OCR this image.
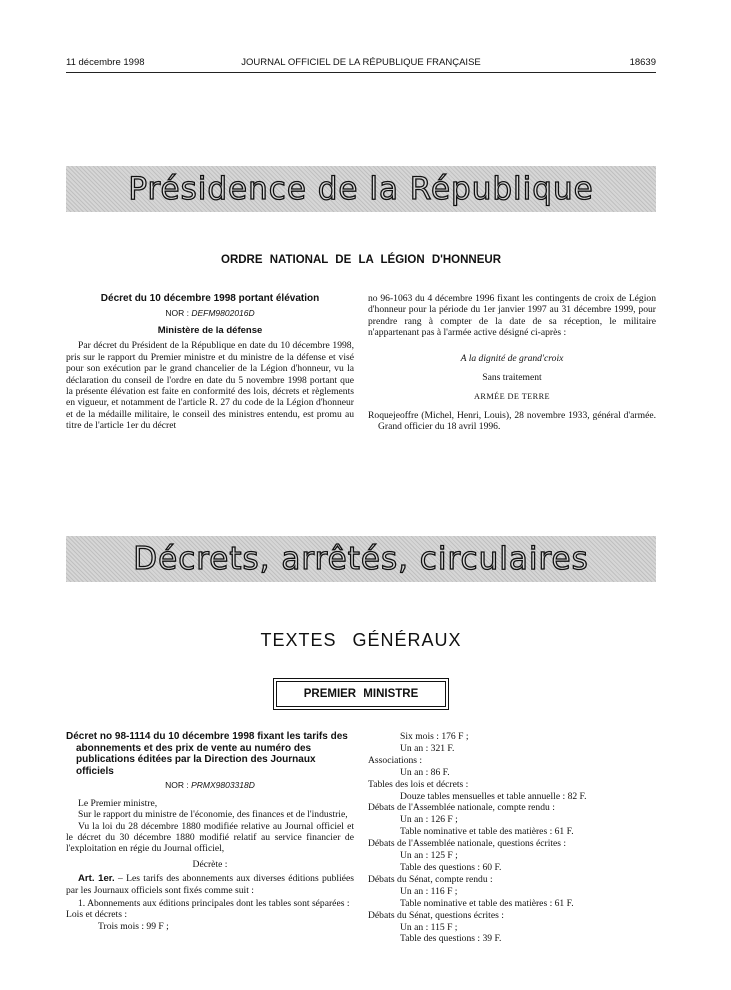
11 décembre 1998	JOURNAL OFFICIEL DE LA RÉPUBLIQUE FRANÇAISE	18639
Présidence de la République
ORDRE NATIONAL DE LA LÉGION D'HONNEUR

Décret du 10 décembre 1998 portant élévation

NOR : DEFM9802016D

Ministère de la défense

Par décret du Président de la République en date du 10 décembre 1998, pris sur le rapport du Premier ministre et du ministre de la défense et visé pour son exécution par le grand chancelier de la Légion d'honneur, vu la déclaration du conseil de l'ordre en date du 5 novembre 1998 portant que la présente élévation est faite en conformité des lois, décrets et règlements en vigueur, et notamment de l'article R. 27 du code de la Légion d'honneur et de la médaille militaire, le conseil des ministres entendu, est promu au titre de l'article 1er du décret

no 96-1063 du 4 décembre 1996 fixant les contingents de croix de Légion d'honneur pour la période du 1er janvier 1997 au 31 décembre 1999, pour prendre rang à compter de la date de sa réception, le militaire n'appartenant pas à l'armée active désigné ci-après :

A la dignité de grand'croix

Sans traitement

ARMÉE DE TERRE

Roquejeoffre (Michel, Henri, Louis), 28 novembre 1933, général d'armée. Grand officier du 18 avril 1996.

Décrets, arrêtés, circulaires
TEXTES GÉNÉRAUX
PREMIER MINISTRE

Décret no 98-1114 du 10 décembre 1998 fixant les tarifs des abonnements et des prix de vente au numéro des publications éditées par la Direction des Journaux officiels

NOR : PRMX9803318D

Le Premier ministre,

Sur le rapport du ministre de l'économie, des finances et de l'industrie,

Vu la loi du 28 décembre 1880 modifiée relative au Journal officiel et le décret du 30 décembre 1880 modifié relatif au service financier de l'exploitation en régie du Journal officiel,

Décrète :

Art. 1er. – Les tarifs des abonnements aux diverses éditions publiées par les Journaux officiels sont fixés comme suit :

1. Abonnements aux éditions principales dont les tables sont séparées :

Lois et décrets :

Trois mois : 99 F ;

Six mois : 176 F ;

Un an : 321 F.

Associations :

Un an : 86 F.

Tables des lois et décrets :

Douze tables mensuelles et table annuelle : 82 F.

Débats de l'Assemblée nationale, compte rendu :

Un an : 126 F ;

Table nominative et table des matières : 61 F.

Débats de l'Assemblée nationale, questions écrites :

Un an : 125 F ;

Table des questions : 60 F.

Débats du Sénat, compte rendu :

Un an : 116 F ;

Table nominative et table des matières : 61 F.

Débats du Sénat, questions écrites :

Un an : 115 F ;

Table des questions : 39 F.
